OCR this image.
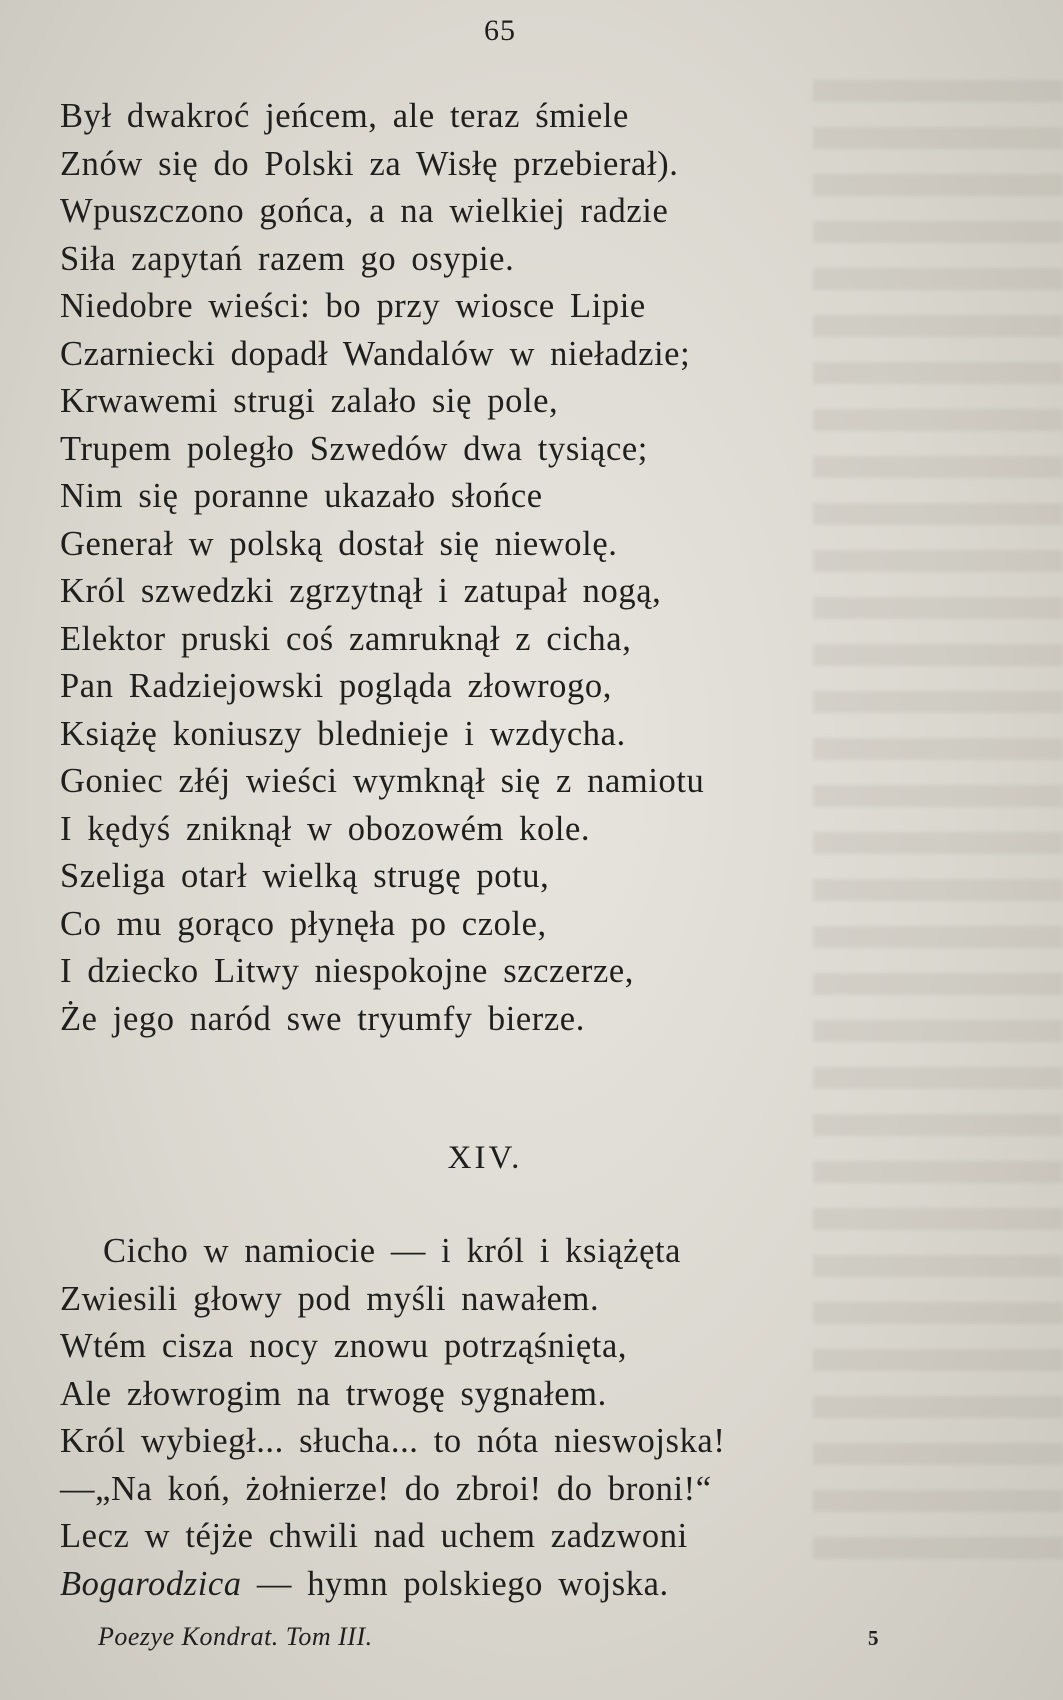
65
Był dwakroć jeńcem, ale teraz śmiele
Znów się do Polski za Wisłę przebierał).
Wpuszczono gońca, a na wielkiej radzie
Siła zapytań razem go osypie.
Niedobre wieści: bo przy wiosce Lipie
Czarniecki dopadł Wandalów w nieładzie;
Krwawemi strugi zalało się pole,
Trupem poległo Szwedów dwa tysiące;
Nim się poranne ukazało słońce
Generał w polską dostał się niewolę.
Król szwedzki zgrzytnął i zatupał nogą,
Elektor pruski coś zamruknął z cicha,
Pan Radziejowski pogląda złowrogo,
Książę koniuszy blednieje i wzdycha.
Goniec złéj wieści wymknął się z namiotu
I kędyś zniknął w obozowém kole.
Szeliga otarł wielką strugę potu,
Co mu gorąco płynęła po czole,
I dziecko Litwy niespokojne szczerze,
Że jego naród swe tryumfy bierze.
XIV.
Cicho w namiocie — i król i książęta
Zwiesili głowy pod myśli nawałem.
Wtém cisza nocy znowu potrząśnięta,
Ale złowrogim na trwogę sygnałem.
Król wybiegł... słucha... to nóta nieswojska!
—„Na koń, żołnierze! do zbroi! do broni!“
Lecz w téjże chwili nad uchem zadzwoni
Bogarodzica — hymn polskiego wojska.
Poezye Kondrat. Tom III.	5
